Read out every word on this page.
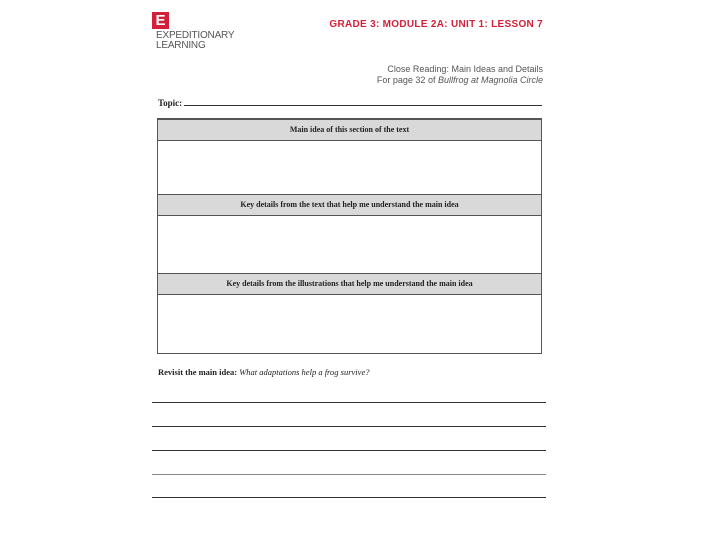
E
EXPEDITIONARY
LEARNING
GRADE 3: MODULE 2A: UNIT 1: LESSON 7
Close Reading: Main Ideas and Details
For page 32 of Bullfrog at Magnolia Circle
Topic:
Main idea of this section of the text
Key details from the text that help me understand the main idea
Key details from the illustrations that help me understand the main idea
Revisit the main idea: What adaptations help a frog survive?
